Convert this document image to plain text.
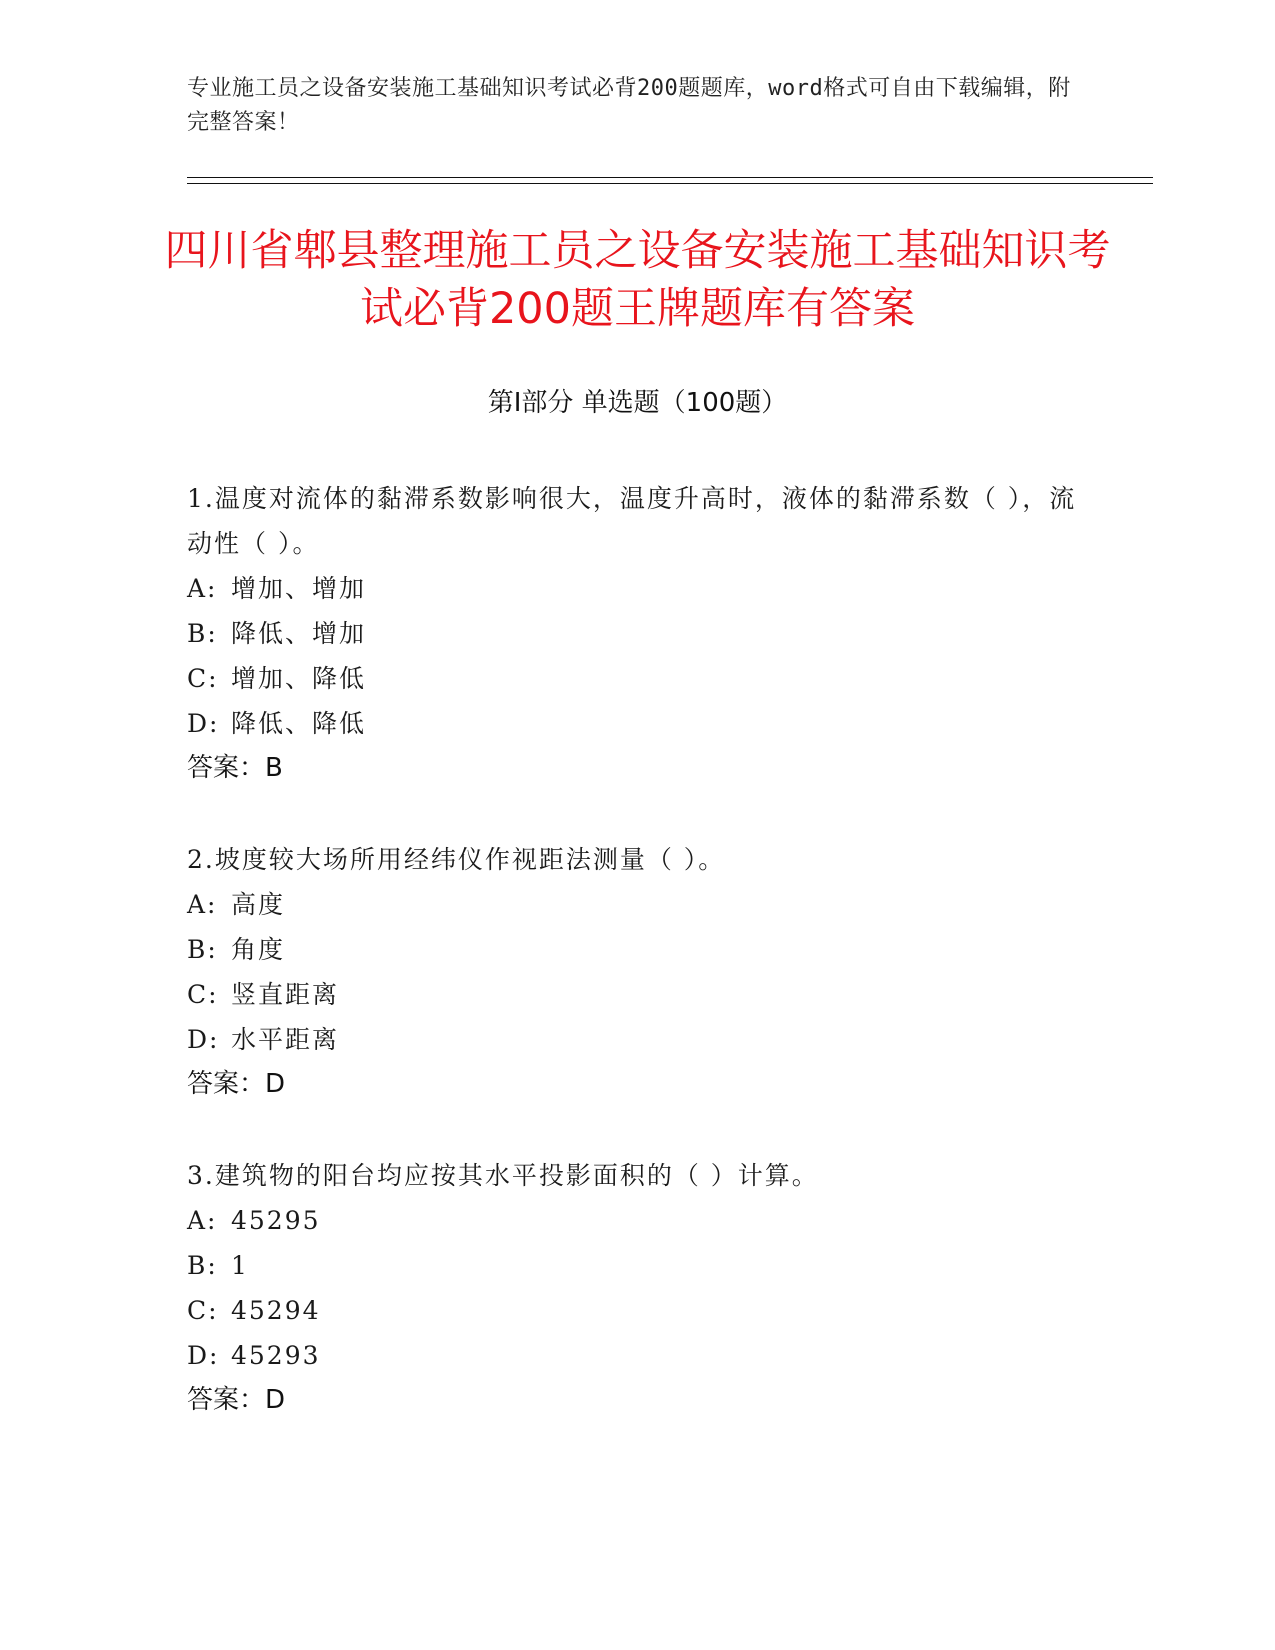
专业施工员之设备安装施工基础知识考试必背200题题库，word格式可自由下载编辑，附完整答案！
四川省郫县整理施工员之设备安装施工基础知识考试必背200题王牌题库有答案
第Ⅰ部分 单选题（100题）
1.温度对流体的黏滞系数影响很大，温度升高时，液体的黏滞系数（ ），流动性（ ）。
A: 增加、增加
B: 降低、增加
C: 增加、降低
D: 降低、降低
答案：B
2.坡度较大场所用经纬仪作视距法测量（ ）。
A: 高度
B: 角度
C: 竖直距离
D: 水平距离
答案：D
3.建筑物的阳台均应按其水平投影面积的（ ）计算。
A: 45295
B: 1
C: 45294
D: 45293
答案：D
